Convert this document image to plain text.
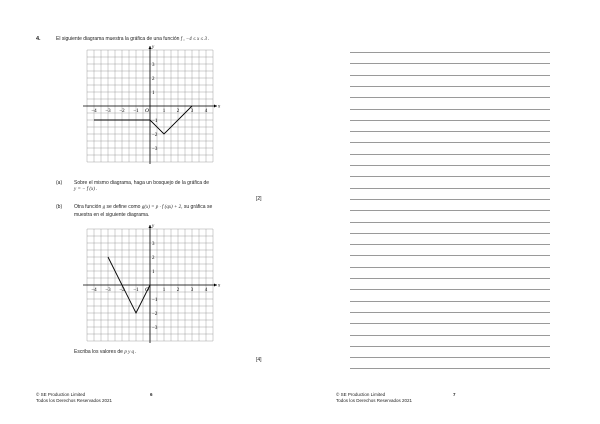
4.	El siguiente diagrama muestra la gráfica de una función f , −4 ≤ x ≤ 3 .
x
y
O
−4 −3 −2 −1	1 2 3 4
3
2
1
−1
−2
−3
(a) Sobre el mismo diagrama, haga un bosquejo de la gráfica de
y = − f (x) .
[2]
(b) Otra función g se define como g(x) = p · f (qx) + 2, su gráfica se
muestra en el siguiente diagrama.
x
y
O
−4 −3 −2 −1	1 2 3 4
3
2
1
−1
−2
−3
Escriba los valores de p y q .
[4]
© SE Production Limited
Todos los Derechos Reservados 2021
6	© SE Production Limited
Todos los Derechos Reservados 2021
7
